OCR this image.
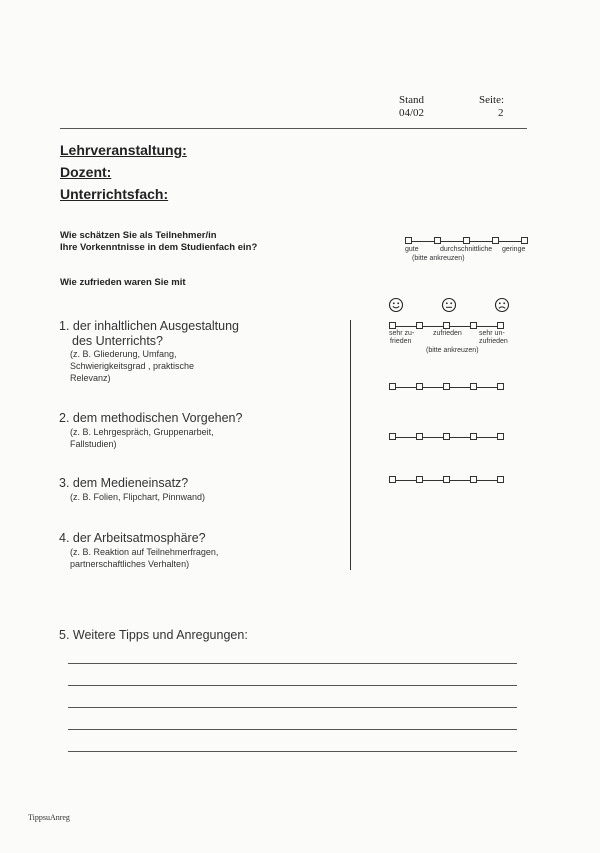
Stand
04/02
Seite:
2
Lehrveranstaltung:
Dozent:
Unterrichtsfach:
Wie schätzen Sie als Teilnehmer/in
Ihre Vorkenntnisse in dem Studienfach ein?	gute	durchschnittliche geringe
(bitte ankreuzen)
Wie zufrieden waren Sie mit
sehr zu-
frieden
zufrieden sehr un-
zufrieden
(bitte ankreuzen)
1. der inhaltlichen Ausgestaltung
des Unterrichts?
(z. B. Gliederung, Umfang,
Schwierigkeitsgrad , praktische
Relevanz)
2. dem methodischen Vorgehen?
(z. B. Lehrgespräch, Gruppenarbeit,
Fallstudien)
3. dem Medieneinsatz?
(z. B. Folien, Flipchart, Pinnwand)
4. der Arbeitsatmosphäre?
(z. B. Reaktion auf Teilnehmerfragen,
partnerschaftliches Verhalten)
5. Weitere Tipps und Anregungen:
TippsuAnreg
